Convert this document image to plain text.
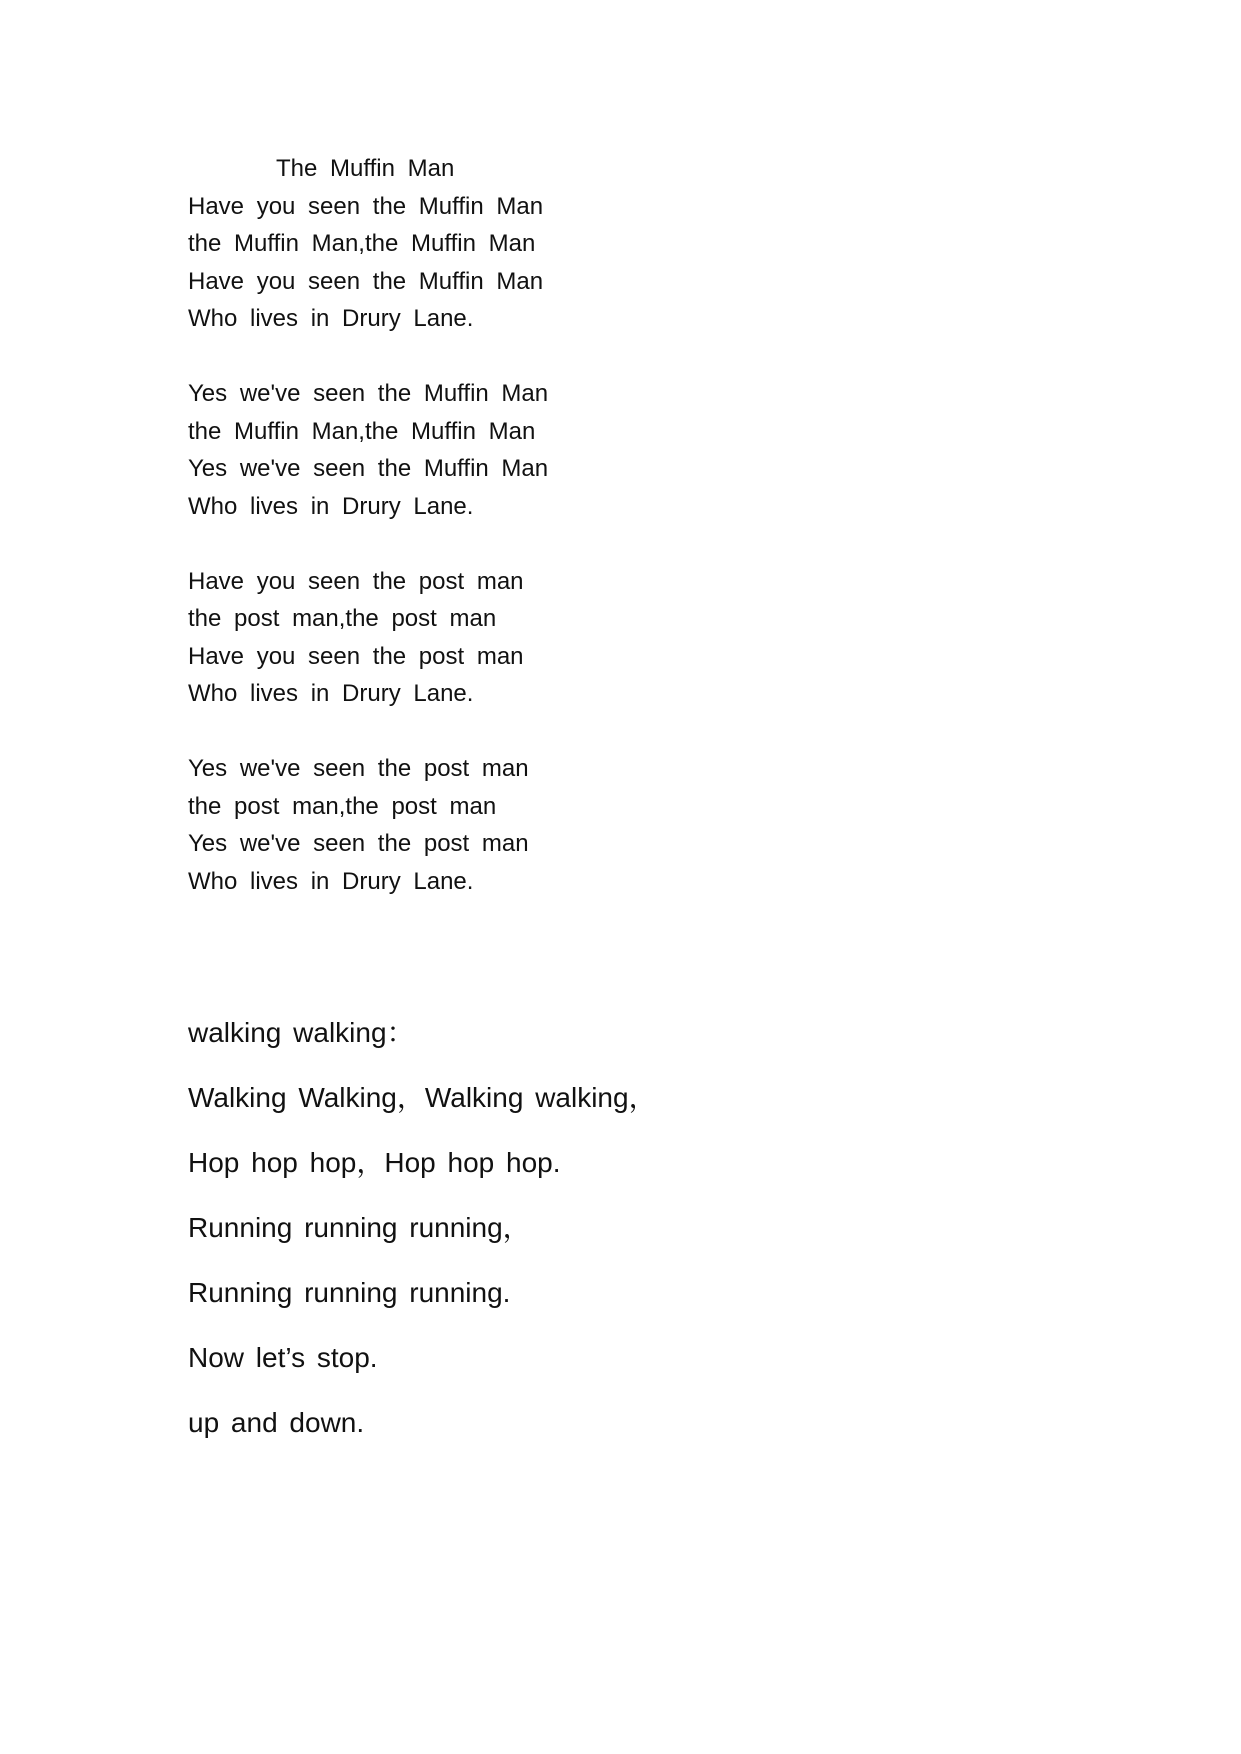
The Muffin Man
Have you seen the Muffin Man
the Muffin Man,the Muffin Man
Have you seen the Muffin Man
Who lives in Drury Lane.
Yes we've seen the Muffin Man
the Muffin Man,the Muffin Man
Yes we've seen the Muffin Man
Who lives in Drury Lane.
Have you seen the post man
the post man,the post man
Have you seen the post man
Who lives in Drury Lane.
Yes we've seen the post man
the post man,the post man
Yes we've seen the post man
Who lives in Drury Lane.
walking walking：
Walking Walking，Walking walking，
Hop hop hop，Hop hop hop.
Running running running，
Running running running.
Now let’s stop.
up and down.
